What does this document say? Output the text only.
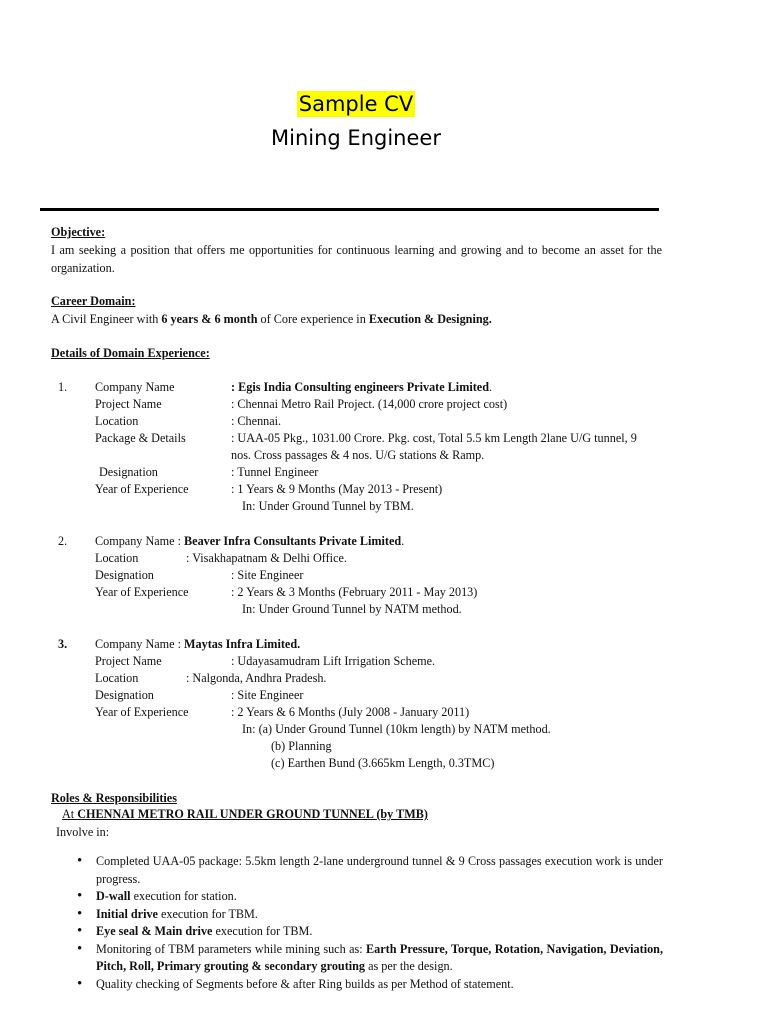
Sample CV
Mining Engineer
Objective:
I am seeking a position that offers me opportunities for continuous learning and growing and to become an asset for the organization.
Career Domain:
A Civil Engineer with 6 years & 6 month of Core experience in Execution & Designing.
Details of Domain Experience:
1. Company Name	: Egis India Consulting engineers Private Limited.
Project Name	: Chennai Metro Rail Project. (14,000 crore project cost)
Location	: Chennai.
Package & Details	: UAA-05 Pkg., 1031.00 Crore. Pkg. cost, Total 5.5 km Length 2lane U/G tunnel, 9
nos. Cross passages & 4 nos. U/G stations & Ramp.
Designation	: Tunnel Engineer
Year of Experience	: 1 Years & 9 Months (May 2013 - Present)
In: Under Ground Tunnel by TBM.
2. Company Name : Beaver Infra Consultants Private Limited.
Location	: Visakhapatnam & Delhi Office.
Designation	: Site Engineer
Year of Experience	: 2 Years & 3 Months (February 2011 - May 2013)
In: Under Ground Tunnel by NATM method.
3. Company Name : Maytas Infra Limited.
Project Name	: Udayasamudram Lift Irrigation Scheme.
Location	: Nalgonda, Andhra Pradesh.
Designation	: Site Engineer
Year of Experience	: 2 Years & 6 Months (July 2008 - January 2011)
In: (a) Under Ground Tunnel (10km length) by NATM method.
(b) Planning
(c) Earthen Bund (3.665km Length, 0.3TMC)
Roles & Responsibilities
At CHENNAI METRO RAIL UNDER GROUND TUNNEL (by TMB)
Involve in:
• Completed UAA-05 package: 5.5km length 2-lane underground tunnel & 9 Cross passages execution work is under progress.
• D-wall execution for station.
• Initial drive execution for TBM.
• Eye seal & Main drive execution for TBM.
• Monitoring of TBM parameters while mining such as: Earth Pressure, Torque, Rotation, Navigation, Deviation, Pitch, Roll, Primary grouting & secondary grouting as per the design.
• Quality checking of Segments before & after Ring builds as per Method of statement.
